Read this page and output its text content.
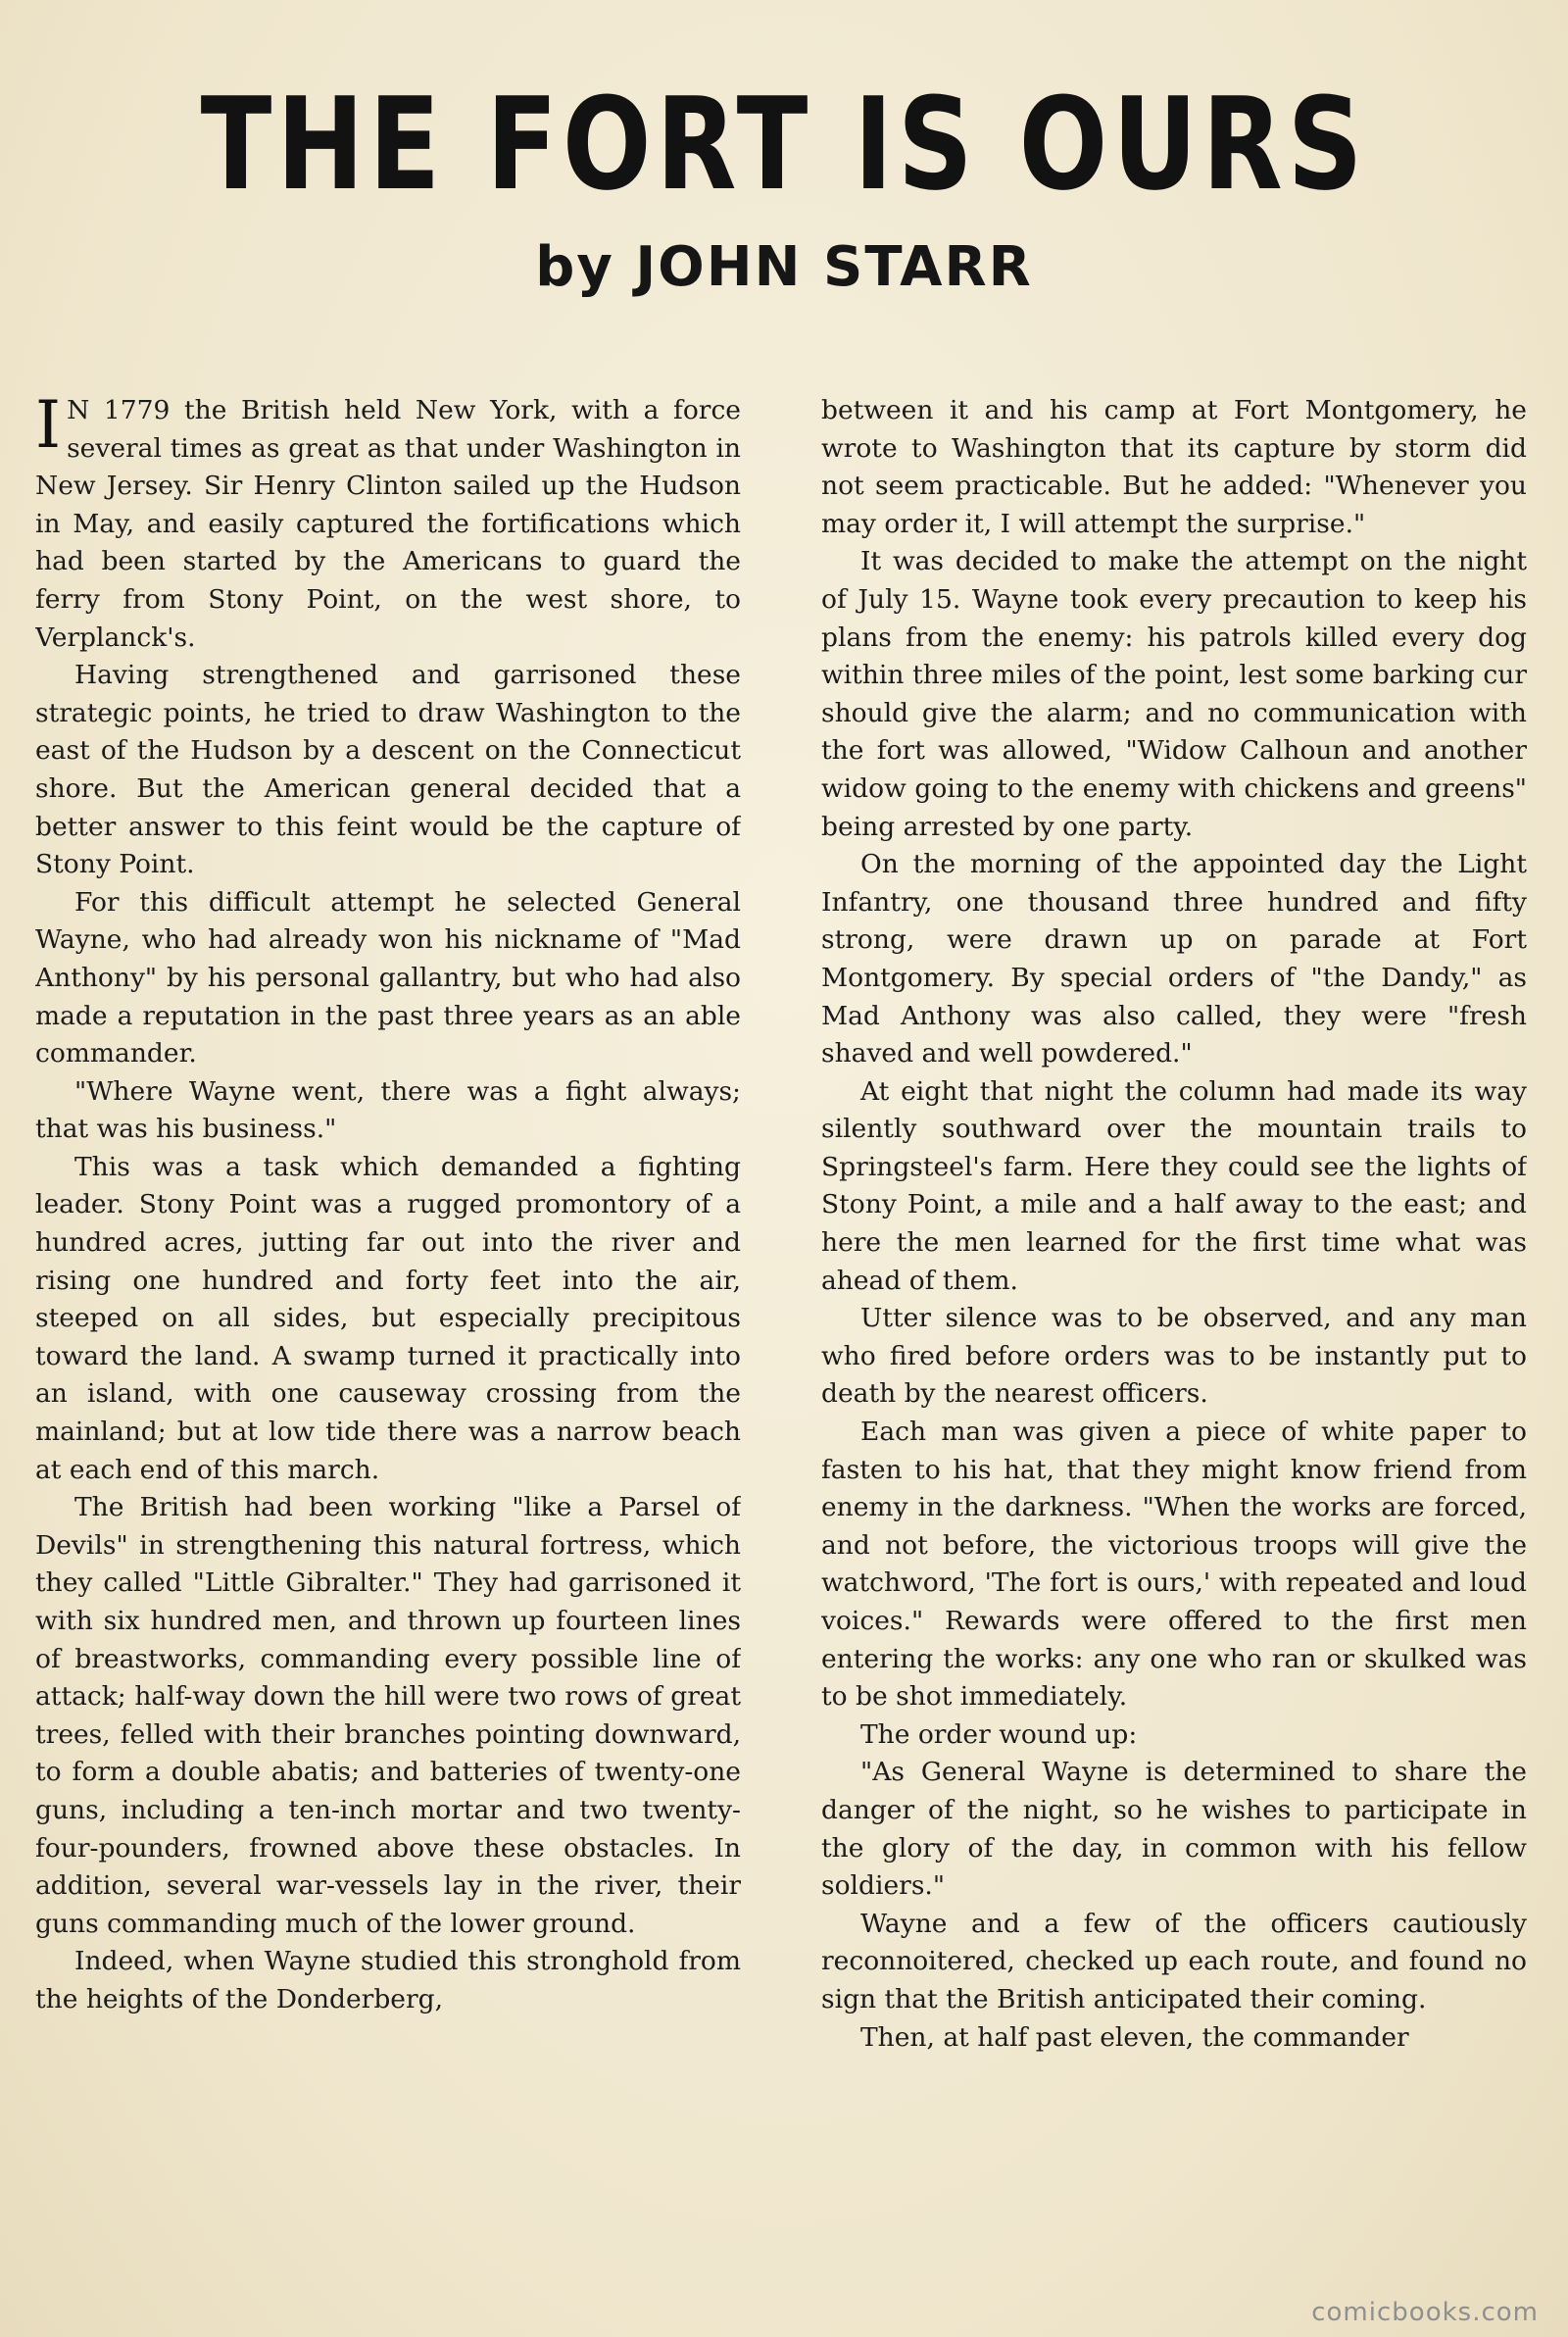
THE FORT IS OURS
by JOHN STARR

I N 1779 the British held New York, with a force several times as great as that under Washington in New Jersey. Sir Henry Clinton sailed up the Hudson in May, and easily captured the fortifications which had been started by the Americans to guard the ferry from Stony Point, on the west shore, to Verplanck's.

Having strengthened and garrisoned these strategic points, he tried to draw Washington to the east of the Hudson by a descent on the Connecticut shore. But the American general decided that a better answer to this feint would be the capture of Stony Point.

For this difficult attempt he selected General Wayne, who had already won his nickname of "Mad Anthony" by his personal gallantry, but who had also made a reputation in the past three years as an able commander.

"Where Wayne went, there was a fight always; that was his business."

This was a task which demanded a fighting leader. Stony Point was a rugged promontory of a hundred acres, jutting far out into the river and rising one hundred and forty feet into the air, steeped on all sides, but especially precipitous toward the land. A swamp turned it practically into an island, with one causeway crossing from the mainland; but at low tide there was a narrow beach at each end of this march.

The British had been working "like a Parsel of Devils" in strengthening this natural fortress, which they called "Little Gibralter." They had garrisoned it with six hundred men, and thrown up fourteen lines of breastworks, commanding every possible line of attack; half-way down the hill were two rows of great trees, felled with their branches pointing downward, to form a double abatis; and batteries of twenty-one guns, including a ten-inch mortar and two twenty-four-pounders, frowned above these obstacles. In addition, several war-vessels lay in the river, their guns commanding much of the lower ground.

Indeed, when Wayne studied this stronghold from the heights of the Donderberg,

between it and his camp at Fort Montgomery, he wrote to Washington that its capture by storm did not seem practicable. But he added: "Whenever you may order it, I will attempt the surprise."

It was decided to make the attempt on the night of July 15. Wayne took every precaution to keep his plans from the enemy: his patrols killed every dog within three miles of the point, lest some barking cur should give the alarm; and no communication with the fort was allowed, "Widow Calhoun and another widow going to the enemy with chickens and greens" being arrested by one party.

On the morning of the appointed day the Light Infantry, one thousand three hundred and fifty strong, were drawn up on parade at Fort Montgomery. By special orders of "the Dandy," as Mad Anthony was also called, they were "fresh shaved and well powdered."

At eight that night the column had made its way silently southward over the mountain trails to Springsteel's farm. Here they could see the lights of Stony Point, a mile and a half away to the east; and here the men learned for the first time what was ahead of them.

Utter silence was to be observed, and any man who fired before orders was to be instantly put to death by the nearest officers.

Each man was given a piece of white paper to fasten to his hat, that they might know friend from enemy in the darkness. "When the works are forced, and not before, the victorious troops will give the watchword, 'The fort is ours,' with repeated and loud voices." Rewards were offered to the first men entering the works: any one who ran or skulked was to be shot immediately.

The order wound up:

"As General Wayne is determined to share the danger of the night, so he wishes to participate in the glory of the day, in common with his fellow soldiers."

Wayne and a few of the officers cautiously reconnoitered, checked up each route, and found no sign that the British anticipated their coming.

Then, at half past eleven, the commander

comicbooks.com
